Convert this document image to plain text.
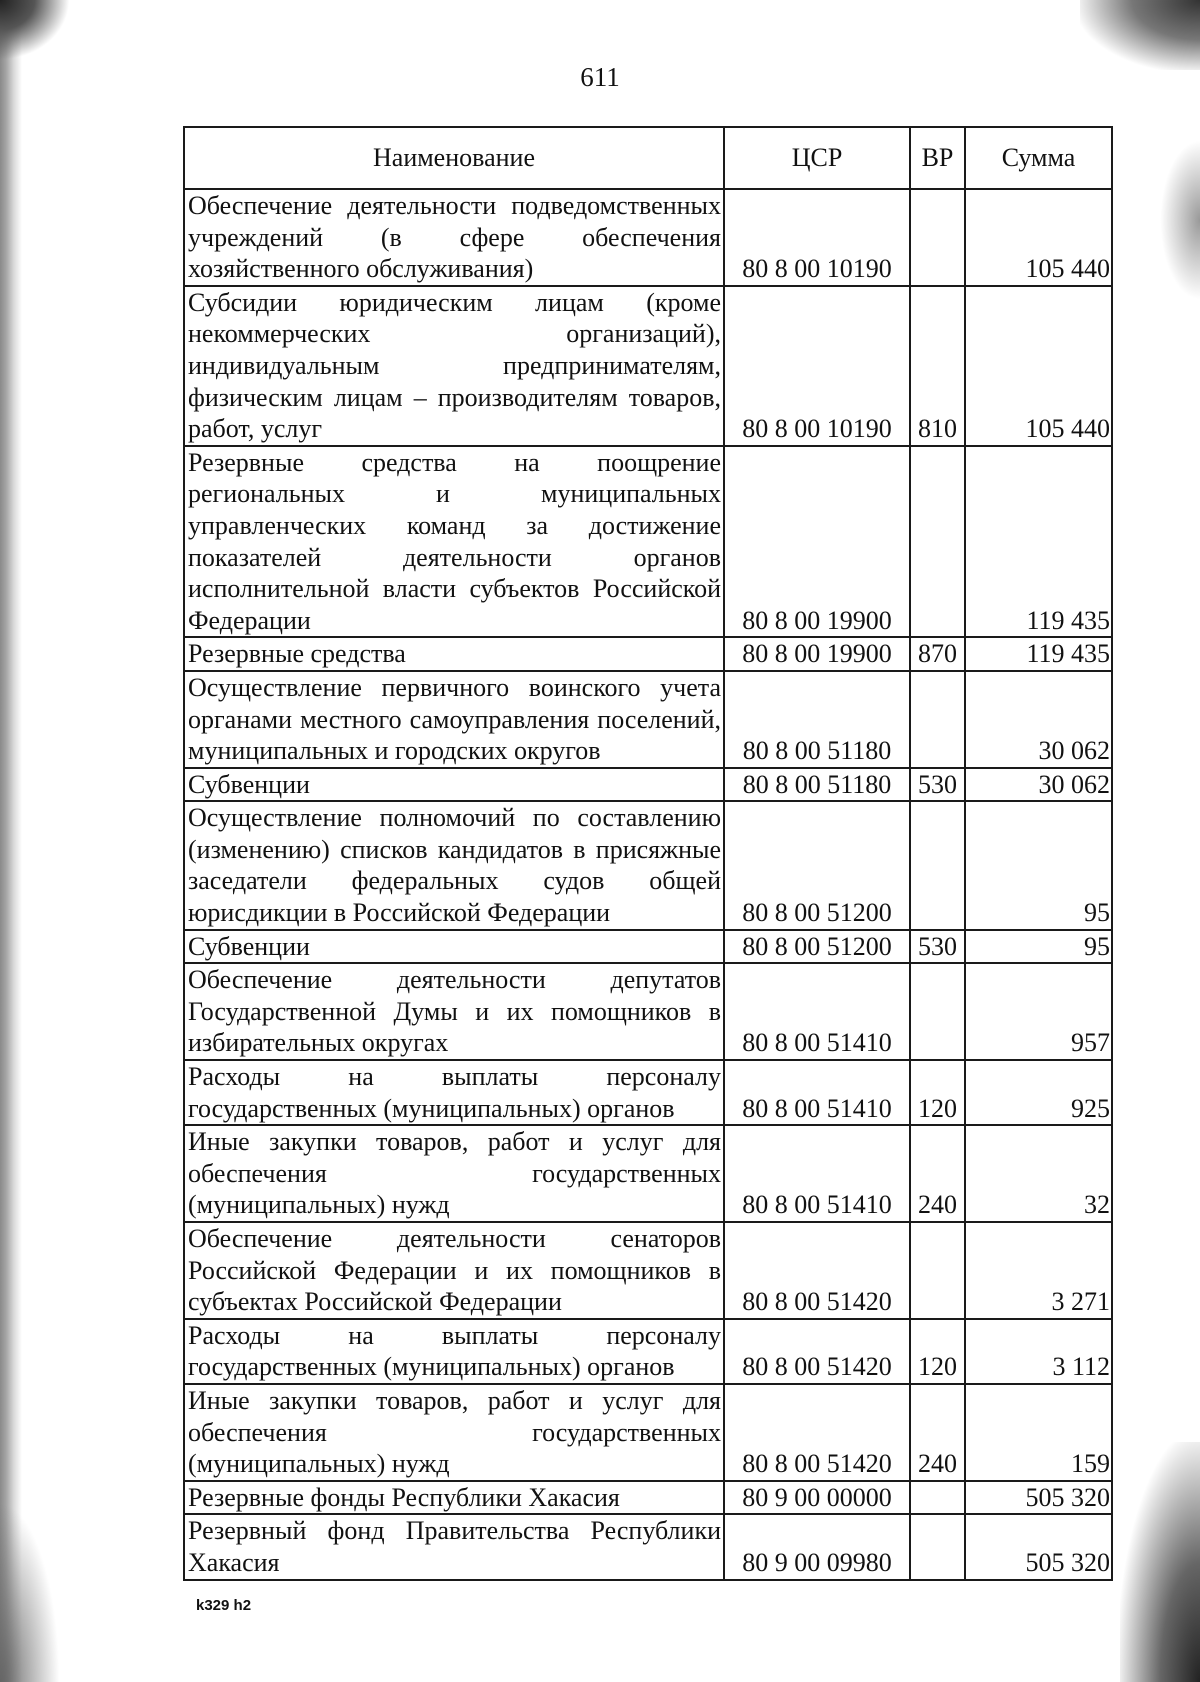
611
Наименование	ЦСР	ВР	Сумма
Обеспечение деятельности подведомственных учреждений (в сфере обеспечения хозяйственного обслуживания)	80 8 00 10190		105 440
Субсидии юридическим лицам (кроме некоммерческих организаций), индивидуальным предпринимателям, физическим лицам – производителям товаров, работ, услуг	80 8 00 10190	810	105 440
Резервные средства на поощрение региональных и муниципальных управленческих команд за достижение показателей деятельности органов исполнительной власти субъектов Российской Федерации	80 8 00 19900		119 435
Резервные средства	80 8 00 19900	870	119 435
Осуществление первичного воинского учета органами местного самоуправления поселений, муниципальных и городских округов	80 8 00 51180		30 062
Субвенции	80 8 00 51180	530	30 062
Осуществление полномочий по составлению (изменению) списков кандидатов в присяжные заседатели федеральных судов общей юрисдикции в Российской Федерации	80 8 00 51200		95
Субвенции	80 8 00 51200	530	95
Обеспечение деятельности депутатов Государственной Думы и их помощников в избирательных округах	80 8 00 51410		957
Расходы на выплаты персоналу государственных (муниципальных) органов	80 8 00 51410	120	925
Иные закупки товаров, работ и услуг для обеспечения государственных (муниципальных) нужд	80 8 00 51410	240	32
Обеспечение деятельности сенаторов Российской Федерации и их помощников в субъектах Российской Федерации	80 8 00 51420		3 271
Расходы на выплаты персоналу государственных (муниципальных) органов	80 8 00 51420	120	3 112
Иные закупки товаров, работ и услуг для обеспечения государственных (муниципальных) нужд	80 8 00 51420	240	159
Резервные фонды Республики Хакасия	80 9 00 00000		505 320
Резервный фонд Правительства Республики Хакасия	80 9 00 09980		505 320
k329 h2
